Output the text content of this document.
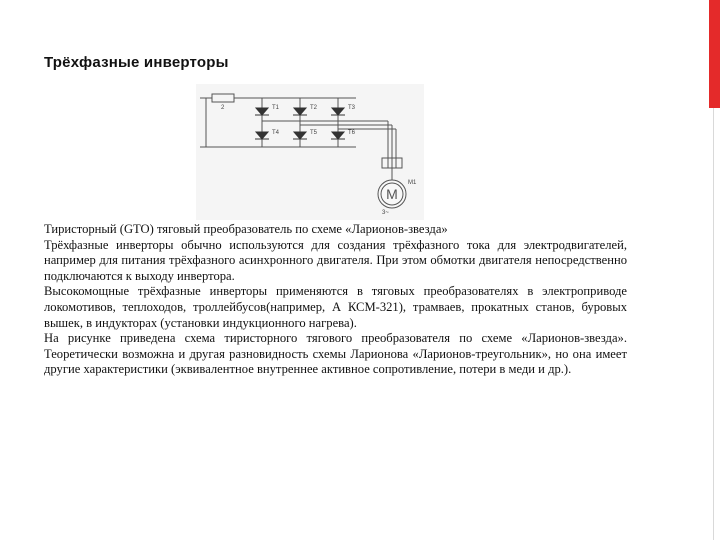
Трёхфазные инверторы
2	T1	T2	T3
T4	T5	T6
M1
3~
M

Тиристорный (GTO) тяговый преобразователь по схеме «Ларионов-звезда»

Трёхфазные инверторы обычно используются для создания трёхфазного тока для электродвигателей, например для питания трёхфазного асинхронного двигателя. При этом обмотки двигателя непосредственно подключаются к выходу инвертора.

Высокомощные трёхфазные инверторы применяются в тяговых преобразователях в электроприводе локомотивов, теплоходов, троллейбусов(например, А КСМ-321), трамваев, прокатных станов, буровых вышек, в индукторах (установки индукционного нагрева).

На рисунке приведена схема тиристорного тягового преобразователя по схеме «Ларионов-звезда». Теоретически возможна и другая разновидность схемы Ларионова «Ларионов-треугольник», но она имеет другие характеристики (эквивалентное внутреннее активное сопротивление, потери в меди и др.).
